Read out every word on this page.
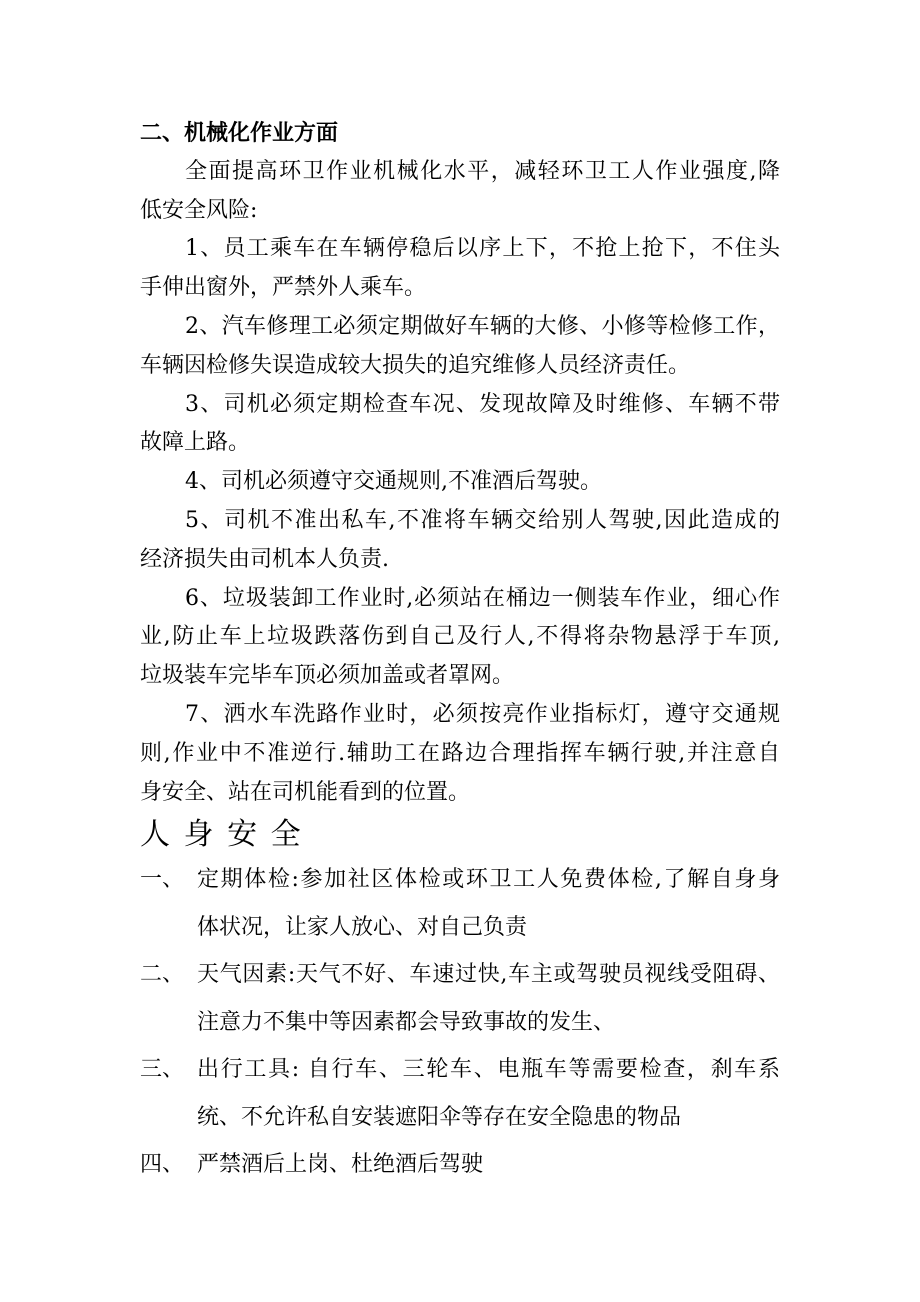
二、机械化作业方面
全面提高环卫作业机械化水平，减轻环卫工人作业强度,降
低安全风险:
1、员工乘车在车辆停稳后以序上下，不抢上抢下，不住头
手伸出窗外，严禁外人乘车。
2、汽车修理工必须定期做好车辆的大修、小修等检修工作，
车辆因检修失误造成较大损失的追究维修人员经济责任。
3、司机必须定期检查车况、发现故障及时维修、车辆不带
故障上路。
4、司机必须遵守交通规则,不准酒后驾驶。
5、司机不准出私车,不准将车辆交给别人驾驶,因此造成的
经济损失由司机本人负责.
6、垃圾装卸工作业时,必须站在桶边一侧装车作业，细心作
业,防止车上垃圾跌落伤到自己及行人,不得将杂物悬浮于车顶,
垃圾装车完毕车顶必须加盖或者罩网。
7、洒水车洗路作业时，必须按亮作业指标灯，遵守交通规
则,作业中不准逆行.辅助工在路边合理指挥车辆行驶,并注意自
身安全、站在司机能看到的位置。
人 身 安 全
一、 定期体检:参加社区体检或环卫工人免费体检,了解自身身
体状况，让家人放心、对自己负责
二、 天气因素:天气不好、车速过快,车主或驾驶员视线受阻碍、
注意力不集中等因素都会导致事故的发生、
三、 出行工具: 自行车、三轮车、电瓶车等需要检查，刹车系
统、不允许私自安装遮阳伞等存在安全隐患的物品
四、 严禁酒后上岗、杜绝酒后驾驶
